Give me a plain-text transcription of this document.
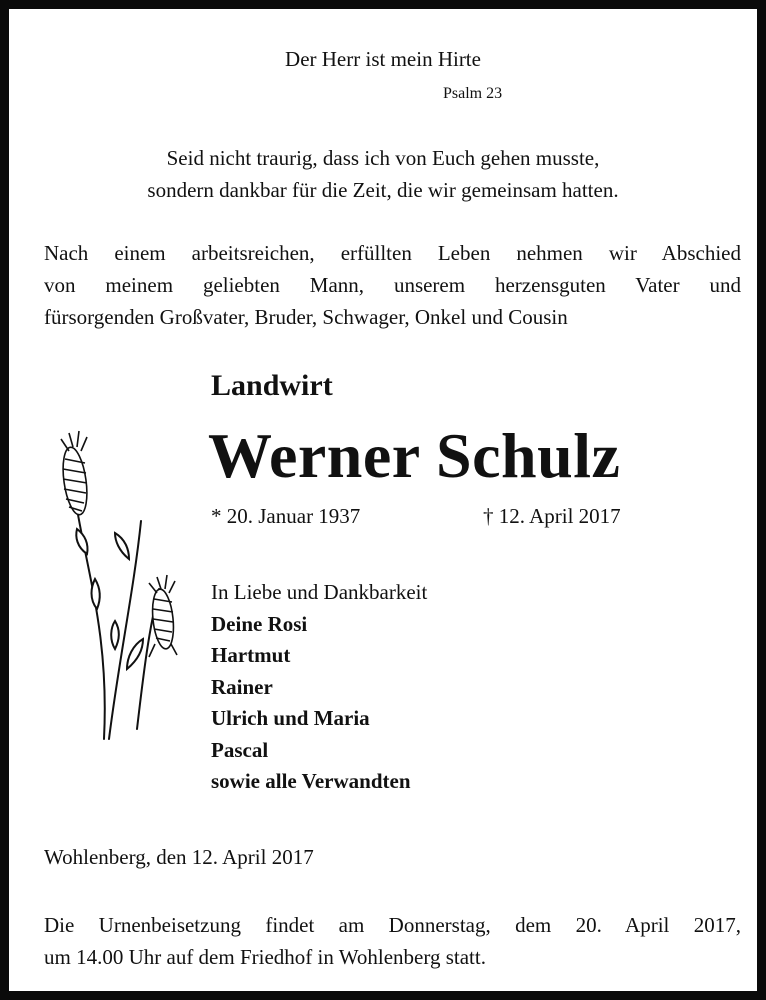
Der Herr ist mein Hirte

Psalm 23

Seid nicht traurig, dass ich von Euch gehen musste,
sondern dankbar für die Zeit, die wir gemeinsam hatten.
Nach einem arbeitsreichen, erfüllten Leben nehmen wir Abschied
von meinem geliebten Mann, unserem herzensguten Vater und
fürsorgenden Großvater, Bruder, Schwager, Onkel und Cousin

Landwirt

Werner Schulz

* 20. Januar 1937	† 12. April 2017

In Liebe und Dankbarkeit
Deine Rosi
Hartmut
Rainer
Ulrich und Maria
Pascal
sowie alle Verwandten

Wohlenberg, den 12. April 2017

Die Urnenbeisetzung findet am Donnerstag, dem 20. April 2017,
um 14.00 Uhr auf dem Friedhof in Wohlenberg statt.
